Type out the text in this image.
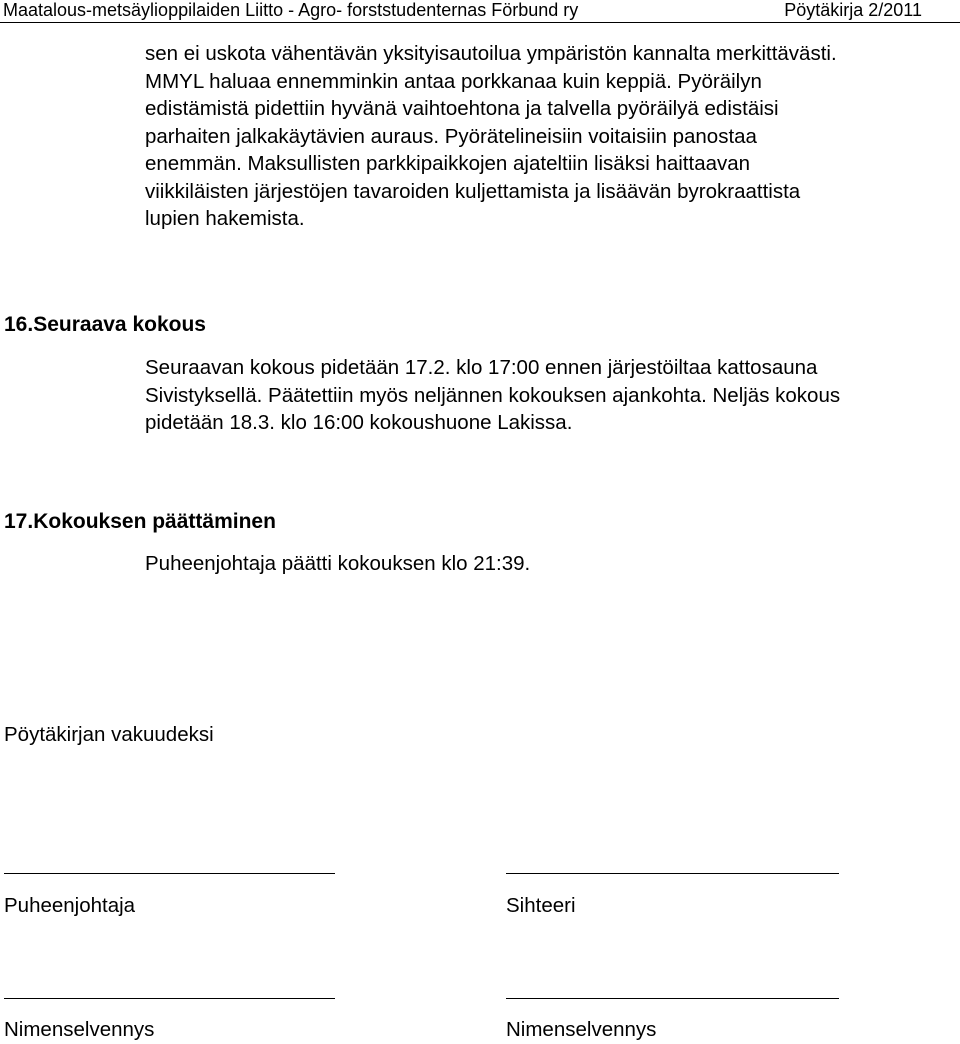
Maatalous-metsäylioppilaiden Liitto - Agro- forststudenternas Förbund ry	Pöytäkirja 2/2011

sen ei uskota vähentävän yksityisautoilua ympäristön kannalta merkittävästi.
MMYL haluaa ennemminkin antaa porkkanaa kuin keppiä. Pyöräilyn
edistämistä pidettiin hyvänä vaihtoehtona ja talvella pyöräilyä edistäisi
parhaiten jalkakäytävien auraus. Pyörätelineisiin voitaisiin panostaa
enemmän. Maksullisten parkkipaikkojen ajateltiin lisäksi haittaavan
viikkiläisten järjestöjen tavaroiden kuljettamista ja lisäävän byrokraattista
lupien hakemista.

16.Seuraava kokous

Seuraavan kokous pidetään 17.2. klo 17:00 ennen järjestöiltaa kattosauna
Sivistyksellä. Päätettiin myös neljännen kokouksen ajankohta. Neljäs kokous
pidetään 18.3. klo 16:00 kokoushuone Lakissa.

17.Kokouksen päättäminen

Puheenjohtaja päätti kokouksen klo 21:39.

Pöytäkirjan vakuudeksi

Puheenjohtaja	Sihteeri

Nimenselvennys	Nimenselvennys
